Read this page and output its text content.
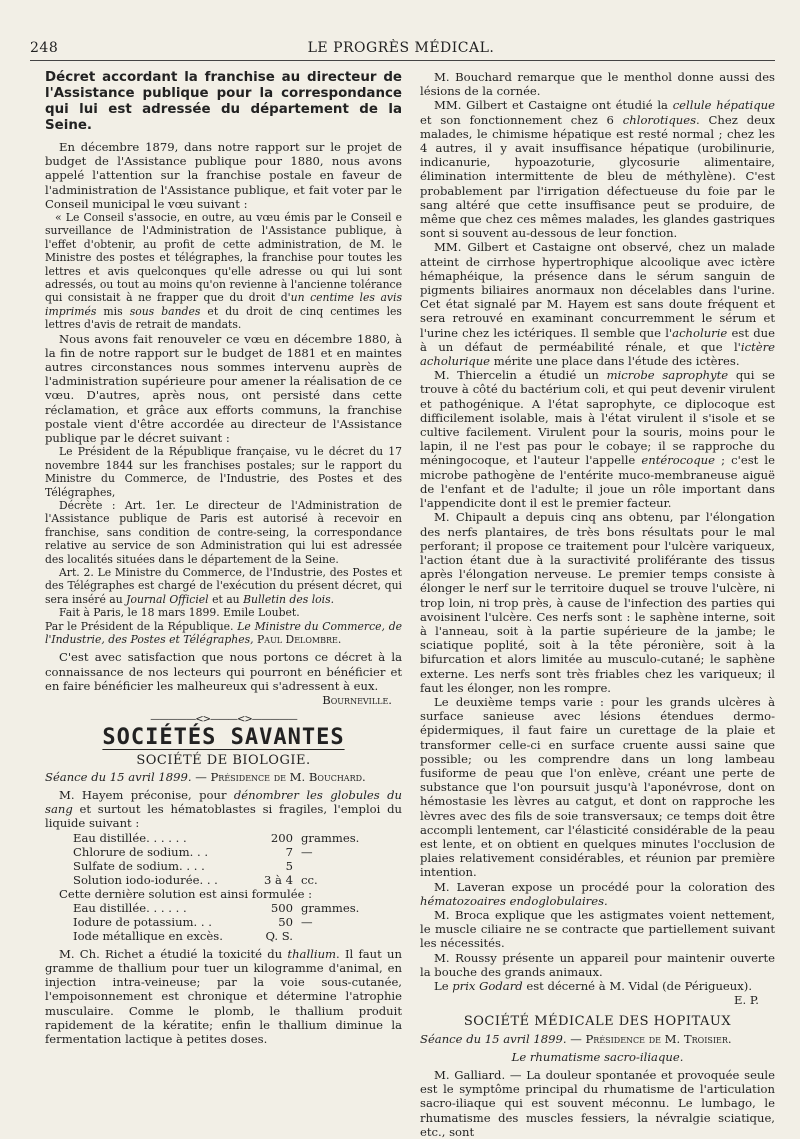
248	LE PROGRÈS MÉDICAL.

Décret accordant la franchise au directeur de l'Assistance publique pour la correspondance qui lui est adressée du département de la Seine.

En décembre 1879, dans notre rapport sur le projet de budget de l'Assistance publique pour 1880, nous avons appelé l'attention sur la franchise postale en faveur de l'administration de l'Assistance publique, et fait voter par le Conseil municipal le vœu suivant :

« Le Conseil s'associe, en outre, au vœu émis par le Conseil e surveillance de l'Administration de l'Assistance publique, à l'effet d'obtenir, au profit de cette administration, de M. le Ministre des postes et télégraphes, la franchise pour toutes les lettres et avis quelconques qu'elle adresse ou qui lui sont adressés, ou tout au moins qu'on revienne à l'ancienne tolérance qui consistait à ne frapper que du droit d'un centime les avis imprimés mis sous bandes et du droit de cinq centimes les lettres d'avis de retrait de mandats.

Nous avons fait renouveler ce vœu en décembre 1880, à la fin de notre rapport sur le budget de 1881 et en maintes autres circonstances nous sommes intervenu auprès de l'administration supérieure pour amener la réalisation de ce vœu. D'autres, après nous, ont persisté dans cette réclamation, et grâce aux efforts communs, la franchise postale vient d'être accordée au directeur de l'Assistance publique par le décret suivant :

Le Président de la République française, vu le décret du 17 novembre 1844 sur les franchises postales; sur le rapport du Ministre du Commerce, de l'Industrie, des Postes et des Télégraphes,

Décrète : Art. 1er. Le directeur de l'Administration de l'Assistance publique de Paris est autorisé à recevoir en franchise, sans condition de contre-seing, la correspondance relative au service de son Administration qui lui est adressée des localités situées dans le département de la Seine.

Art. 2. Le Ministre du Commerce, de l'Industrie, des Postes et des Télégraphes est chargé de l'exécution du présent décret, qui sera inséré au Journal Officiel et au Bulletin des lois.

Fait à Paris, le 18 mars 1899. Emile Loubet.

Par le Président de la République. Le Ministre du Commerce, de l'Industrie, des Postes et Télégraphes, Paul Delombre.

C'est avec satisfaction que nous portons ce décret à la connaissance de nos lecteurs qui pourront en bénéficier et en faire bénéficier les malheureux qui s'adressent à eux.

Bourneville.

—————<>———<>—————
SOCIÉTÉS SAVANTES

SOCIÉTÉ DE BIOLOGIE.

Séance du 15 avril 1899. — Présidence de M. Bouchard.

M. Hayem préconise, pour dénombrer les globules du sang et surtout les hématoblastes si fragiles, l'emploi du liquide suivant :

Eau distillée. . . . . .	200	grammes.
Chlorure de sodium. . .	7	—
Sulfate de sodium. . . .	5	
Solution iodo-iodurée. . .	3 à 4	cc.

Cette dernière solution est ainsi formulée :

Eau distillée. . . . . .	500	grammes.
Iodure de potassium. . .	50	—
Iode métallique en excès.	Q. S.	

M. Ch. Richet a étudié la toxicité du thallium. Il faut un gramme de thallium pour tuer un kilogramme d'animal, en injection intra-veineuse; par la voie sous-cutanée, l'empoisonnement est chronique et détermine l'atrophie musculaire. Comme le plomb, le thallium produit rapidement de la kératite; enfin le thallium diminue la fermentation lactique à petites doses.

M. Bouchard remarque que le menthol donne aussi des lésions de la cornée.

MM. Gilbert et Castaigne ont étudié la cellule hépatique et son fonctionnement chez 6 chlorotiques. Chez deux malades, le chimisme hépatique est resté normal ; chez les 4 autres, il y avait insuffisance hépatique (urobilinurie, indicanurie, hypoazoturie, glycosurie alimentaire, élimination intermittente de bleu de méthylène). C'est probablement par l'irrigation défectueuse du foie par le sang altéré que cette insuffisance peut se produire, de même que chez ces mêmes malades, les glandes gastriques sont si souvent au-dessous de leur fonction.

MM. Gilbert et Castaigne ont observé, chez un malade atteint de cirrhose hypertrophique alcoolique avec ictère hémaphéique, la présence dans le sérum sanguin de pigments biliaires anormaux non décelables dans l'urine. Cet état signalé par M. Hayem est sans doute fréquent et sera retrouvé en examinant concurremment le sérum et l'urine chez les ictériques. Il semble que l'acholurie est due à un défaut de perméabilité rénale, et que l'ictère acholurique mérite une place dans l'étude des ictères.

M. Thiercelin a étudié un microbe saprophyte qui se trouve à côté du bactérium coli, et qui peut devenir virulent et pathogénique. A l'état saprophyte, ce diplocoque est difficilement isolable, mais à l'état virulent il s'isole et se cultive facilement. Virulent pour la souris, moins pour le lapin, il ne l'est pas pour le cobaye; il se rapproche du méningocoque, et l'auteur l'appelle entérocoque ; c'est le microbe pathogène de l'entérite muco-membraneuse aiguë de l'enfant et de l'adulte; il joue un rôle important dans l'appendicite dont il est le premier facteur.

M. Chipault a depuis cinq ans obtenu, par l'élongation des nerfs plantaires, de très bons résultats pour le mal perforant; il propose ce traitement pour l'ulcère variqueux, l'action étant due à la suractivité proliférante des tissus après l'élongation nerveuse. Le premier temps consiste à élonger le nerf sur le territoire duquel se trouve l'ulcère, ni trop loin, ni trop près, à cause de l'infection des parties qui avoisinent l'ulcère. Ces nerfs sont : le saphène interne, soit à l'anneau, soit à la partie supérieure de la jambe; le sciatique poplité, soit à la tête péronière, soit à la bifurcation et alors limitée au musculo-cutané; le saphène externe. Les nerfs sont très friables chez les variqueux; il faut les élonger, non les rompre.

Le deuxième temps varie : pour les grands ulcères à surface sanieuse avec lésions étendues dermo-épidermiques, il faut faire un curettage de la plaie et transformer celle-ci en surface cruente aussi saine que possible; ou les comprendre dans un long lambeau fusiforme de peau que l'on enlève, créant une perte de substance que l'on poursuit jusqu'à l'aponévrose, dont on hémostasie les lèvres au catgut, et dont on rapproche les lèvres avec des fils de soie transversaux; ce temps doit être accompli lentement, car l'élasticité considérable de la peau est lente, et on obtient en quelques minutes l'occlusion de plaies relativement considérables, et réunion par première intention.

M. Laveran expose un procédé pour la coloration des hématozoaires endoglobulaires.

M. Broca explique que les astigmates voient nettement, le muscle ciliaire ne se contracte que partiellement suivant les nécessités.

M. Roussy présente un appareil pour maintenir ouverte la bouche des grands animaux.

Le prix Godard est décerné à M. Vidal (de Périgueux).

E. P.

SOCIÉTÉ MÉDICALE DES HOPITAUX

Séance du 15 avril 1899. — Présidence de M. Troisier.

Le rhumatisme sacro-iliaque.

M. Galliard. — La douleur spontanée et provoquée seule est le symptôme principal du rhumatisme de l'articulation sacro-iliaque qui est souvent méconnu. Le lumbago, le rhumatisme des muscles fessiers, la névralgie sciatique, etc., sont
